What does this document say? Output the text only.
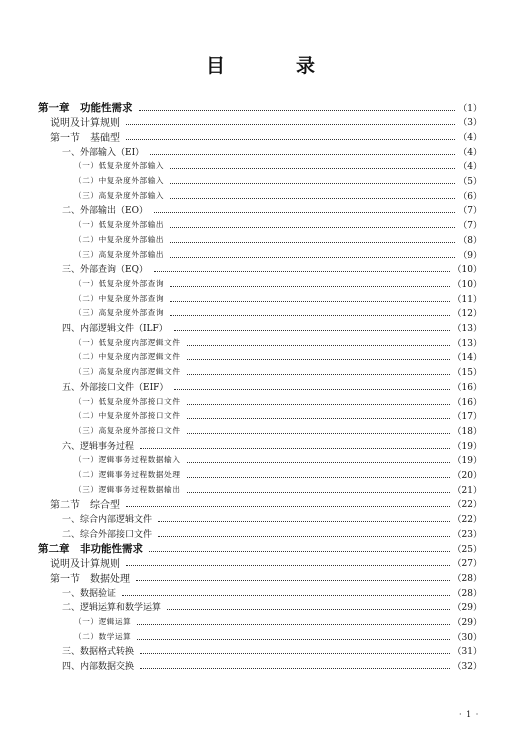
目　录
第一章　功能性需求	（1）
说明及计算规则	（3）
第一节　基础型	（4）
一、外部输入（EI）	（4）
（一）低复杂度外部输入	（4）
（二）中复杂度外部输入	（5）
（三）高复杂度外部输入	（6）
二、外部输出（EO）	（7）
（一）低复杂度外部输出	（7）
（二）中复杂度外部输出	（8）
（三）高复杂度外部输出	（9）
三、外部查询（EQ）	（10）
（一）低复杂度外部查询	（10）
（二）中复杂度外部查询	（11）
（三）高复杂度外部查询	（12）
四、内部逻辑文件（ILF）	（13）
（一）低复杂度内部逻辑文件	（13）
（二）中复杂度内部逻辑文件	（14）
（三）高复杂度内部逻辑文件	（15）
五、外部接口文件（EIF）	（16）
（一）低复杂度外部接口文件	（16）
（二）中复杂度外部接口文件	（17）
（三）高复杂度外部接口文件	（18）
六、逻辑事务过程	（19）
（一）逻辑事务过程数据输入	（19）
（二）逻辑事务过程数据处理	（20）
（三）逻辑事务过程数据输出	（21）
第二节　综合型	（22）
一、综合内部逻辑文件	（22）
二、综合外部接口文件	（23）
第二章　非功能性需求	（25）
说明及计算规则	（27）
第一节　数据处理	（28）
一、数据验证	（28）
二、逻辑运算和数学运算	（29）
（一）逻辑运算	（29）
（二）数学运算	（30）
三、数据格式转换	（31）
四、内部数据交换	（32）
· 1 ·
